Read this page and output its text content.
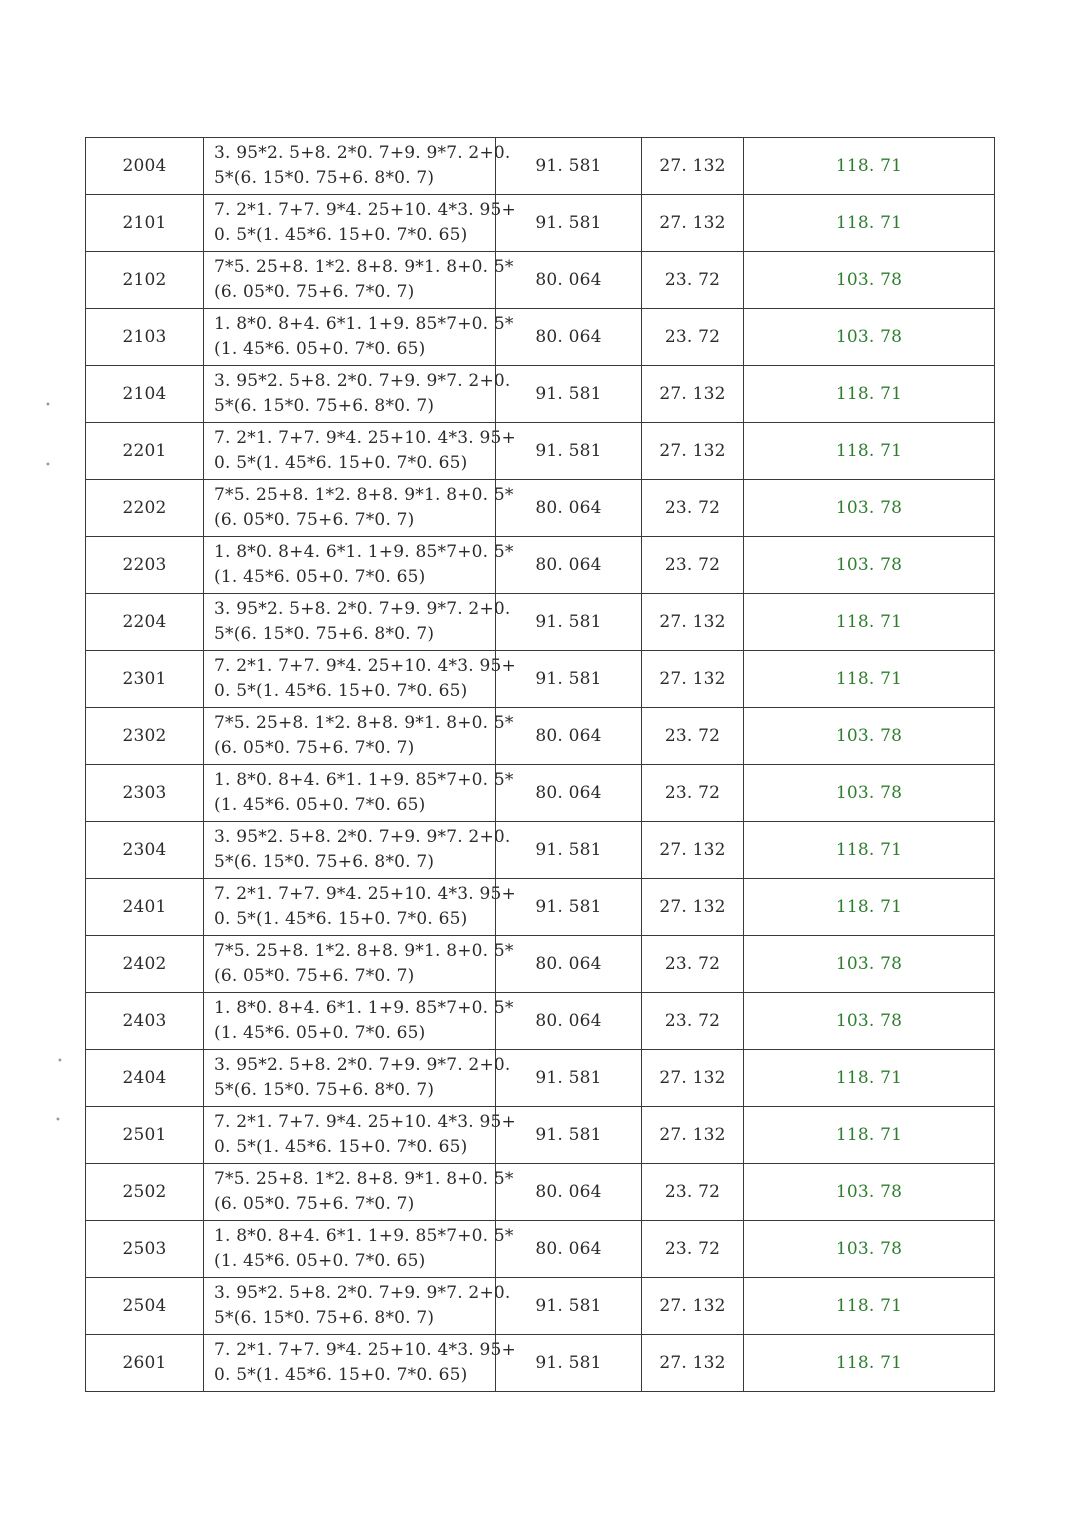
•
•
•
•
2004	3. 95*2. 5+8. 2*0. 7+9. 9*7. 2+0.
5*(6. 15*0. 75+6. 8*0. 7)	91. 581	27. 132	118. 71
2101	7. 2*1. 7+7. 9*4. 25+10. 4*3. 95+
0. 5*(1. 45*6. 15+0. 7*0. 65)	91. 581	27. 132	118. 71
2102	7*5. 25+8. 1*2. 8+8. 9*1. 8+0. 5*
(6. 05*0. 75+6. 7*0. 7)	80. 064	23. 72	103. 78
2103	1. 8*0. 8+4. 6*1. 1+9. 85*7+0. 5*
(1. 45*6. 05+0. 7*0. 65)	80. 064	23. 72	103. 78
2104	3. 95*2. 5+8. 2*0. 7+9. 9*7. 2+0.
5*(6. 15*0. 75+6. 8*0. 7)	91. 581	27. 132	118. 71
2201	7. 2*1. 7+7. 9*4. 25+10. 4*3. 95+
0. 5*(1. 45*6. 15+0. 7*0. 65)	91. 581	27. 132	118. 71
2202	7*5. 25+8. 1*2. 8+8. 9*1. 8+0. 5*
(6. 05*0. 75+6. 7*0. 7)	80. 064	23. 72	103. 78
2203	1. 8*0. 8+4. 6*1. 1+9. 85*7+0. 5*
(1. 45*6. 05+0. 7*0. 65)	80. 064	23. 72	103. 78
2204	3. 95*2. 5+8. 2*0. 7+9. 9*7. 2+0.
5*(6. 15*0. 75+6. 8*0. 7)	91. 581	27. 132	118. 71
2301	7. 2*1. 7+7. 9*4. 25+10. 4*3. 95+
0. 5*(1. 45*6. 15+0. 7*0. 65)	91. 581	27. 132	118. 71
2302	7*5. 25+8. 1*2. 8+8. 9*1. 8+0. 5*
(6. 05*0. 75+6. 7*0. 7)	80. 064	23. 72	103. 78
2303	1. 8*0. 8+4. 6*1. 1+9. 85*7+0. 5*
(1. 45*6. 05+0. 7*0. 65)	80. 064	23. 72	103. 78
2304	3. 95*2. 5+8. 2*0. 7+9. 9*7. 2+0.
5*(6. 15*0. 75+6. 8*0. 7)	91. 581	27. 132	118. 71
2401	7. 2*1. 7+7. 9*4. 25+10. 4*3. 95+
0. 5*(1. 45*6. 15+0. 7*0. 65)	91. 581	27. 132	118. 71
2402	7*5. 25+8. 1*2. 8+8. 9*1. 8+0. 5*
(6. 05*0. 75+6. 7*0. 7)	80. 064	23. 72	103. 78
2403	1. 8*0. 8+4. 6*1. 1+9. 85*7+0. 5*
(1. 45*6. 05+0. 7*0. 65)	80. 064	23. 72	103. 78
2404	3. 95*2. 5+8. 2*0. 7+9. 9*7. 2+0.
5*(6. 15*0. 75+6. 8*0. 7)	91. 581	27. 132	118. 71
2501	7. 2*1. 7+7. 9*4. 25+10. 4*3. 95+
0. 5*(1. 45*6. 15+0. 7*0. 65)	91. 581	27. 132	118. 71
2502	7*5. 25+8. 1*2. 8+8. 9*1. 8+0. 5*
(6. 05*0. 75+6. 7*0. 7)	80. 064	23. 72	103. 78
2503	1. 8*0. 8+4. 6*1. 1+9. 85*7+0. 5*
(1. 45*6. 05+0. 7*0. 65)	80. 064	23. 72	103. 78
2504	3. 95*2. 5+8. 2*0. 7+9. 9*7. 2+0.
5*(6. 15*0. 75+6. 8*0. 7)	91. 581	27. 132	118. 71
2601	7. 2*1. 7+7. 9*4. 25+10. 4*3. 95+
0. 5*(1. 45*6. 15+0. 7*0. 65)	91. 581	27. 132	118. 71
